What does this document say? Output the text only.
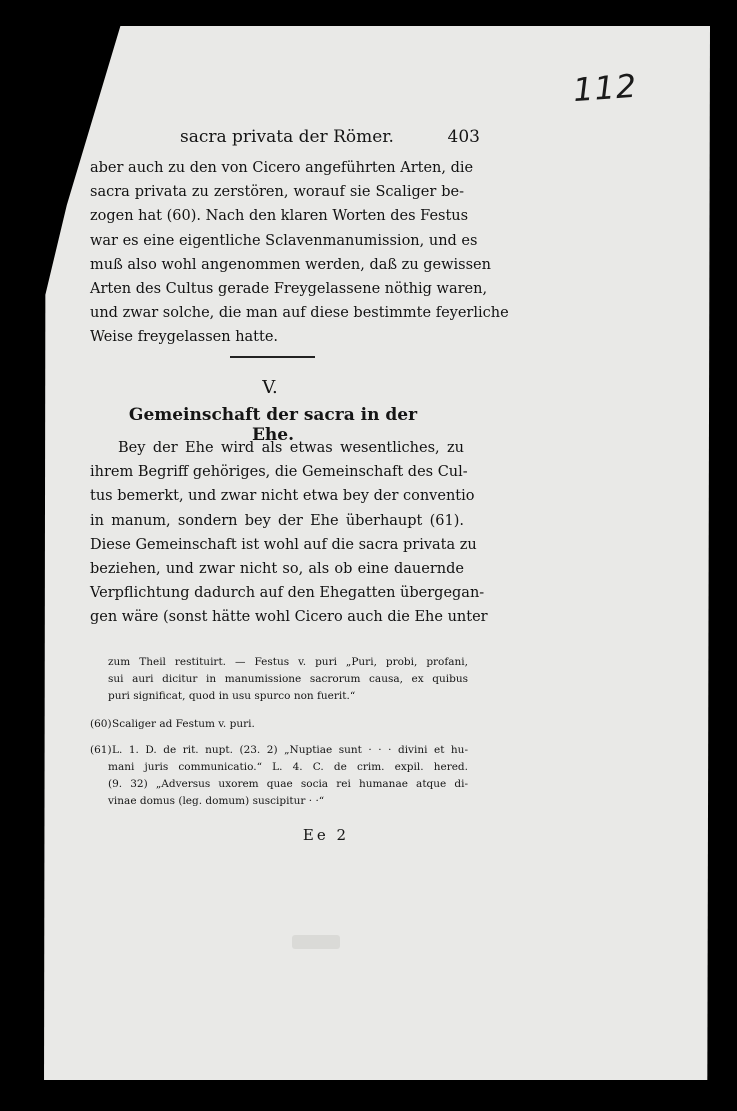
112
sacra privata der Römer.	403
aber auch zu den von Cicero angeführten Arten, die
sacra privata zu zerstören, worauf sie Scaliger be-
zogen hat (60). Nach den klaren Worten des Festus
war es eine eigentliche Sclavenmanumission, und es
muß also wohl angenommen werden, daß zu gewissen
Arten des Cultus gerade Freygelassene nöthig waren,
und zwar solche, die man auf diese bestimmte feyerliche
Weise freygelassen hatte.
V.
Gemeinschaft der sacra in der Ehe.
Bey der Ehe wird als etwas wesentliches, zu
ihrem Begriff gehöriges, die Gemeinschaft des Cul-
tus bemerkt, und zwar nicht etwa bey der conventio
in manum, sondern bey der Ehe überhaupt (61).
Diese Gemeinschaft ist wohl auf die sacra privata zu
beziehen, und zwar nicht so, als ob eine dauernde
Verpflichtung dadurch auf den Ehegatten übergegan-
gen wäre (sonst hätte wohl Cicero auch die Ehe unter
zum Theil restituirt. — Festus v. puri „Puri, probi, profani,
sui auri dicitur in manumissione sacrorum causa, ex quibus
puri significat, quod in usu spurco non fuerit.“
(60)Scaliger ad Festum v. puri.
(61)L. 1. D. de rit. nupt. (23. 2) „Nuptiae sunt · · · divini et hu-
mani juris communicatio.“ L. 4. C. de crim. expil. hered.
(9. 32) „Adversus uxorem quae socia rei humanae atque di-
vinae domus (leg. domum) suscipitur · ·“
Ee 2
